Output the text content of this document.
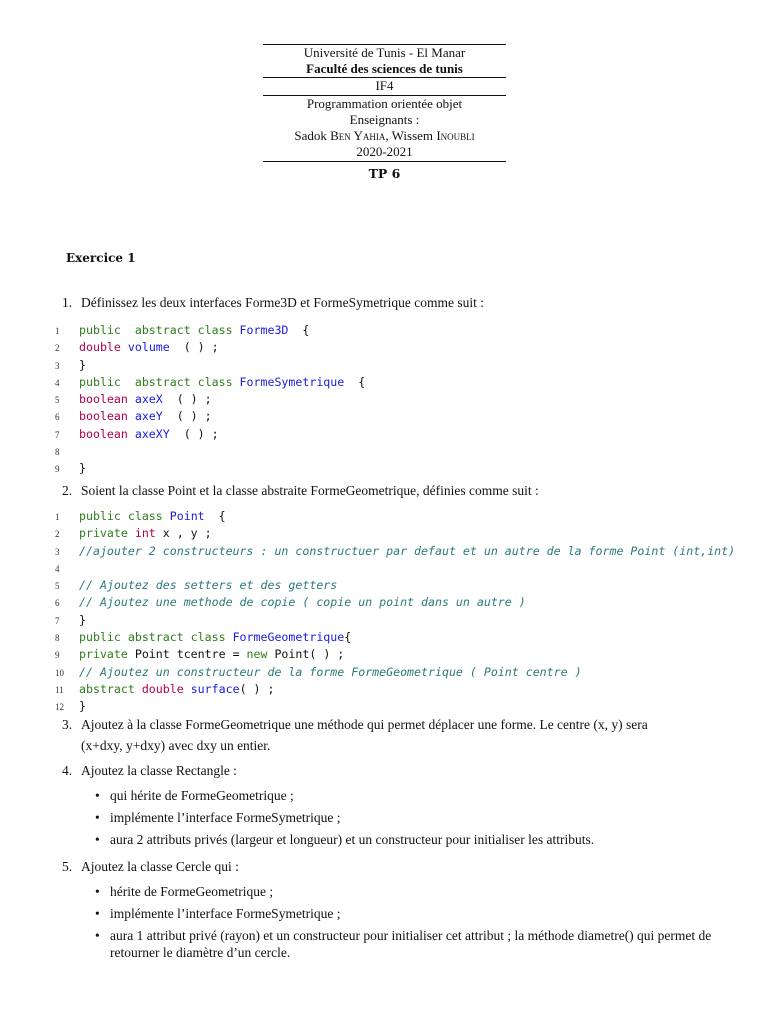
Université de Tunis - El Manar
Faculté des sciences de tunis
IF4
Programmation orientée objet
Enseignants :
Sadok Ben Yahia, Wissem Inoubli
2020-2021
TP 6
Exercice 1
1. Définissez les deux interfaces Forme3D et FormeSymetrique comme suit :
1 public  abstract class Forme3D  {
2 double volume  ( ) ;
3 }
4 public  abstract class FormeSymetrique  {
5 boolean axeX  ( ) ;
6 boolean axeY  ( ) ;
7 boolean axeXY  ( ) ;
8
9 }
2. Soient la classe Point et la classe abstraite FormeGeometrique, définies comme suit :
1 public class Point  {
2 private int x , y ;
3 //ajouter 2 constructeurs : un constructuer par defaut et un autre de la forme Point (int,int)
4
5 // Ajoutez des setters et des getters
6 // Ajoutez une methode de copie ( copie un point dans un autre )
7 }
8 public abstract class FormeGeometrique{
9 private Point tcentre = new Point( ) ;
10 // Ajoutez un constructeur de la forme FormeGeometrique ( Point centre )
11 abstract double surface( ) ;
12 }
3. Ajoutez à la classe FormeGeometrique une méthode qui permet déplacer une forme. Le centre (x, y) sera
(x+dxy, y+dxy) avec dxy un entier.
4. Ajoutez la classe Rectangle :
• qui hérite de FormeGeometrique ;
• implémente l’interface FormeSymetrique ;
• aura 2 attributs privés (largeur et longueur) et un constructeur pour initialiser les attributs.
5. Ajoutez la classe Cercle qui :
• hérite de FormeGeometrique ;
• implémente l’interface FormeSymetrique ;
• aura 1 attribut privé (rayon) et un constructeur pour initialiser cet attribut ; la méthode diametre() qui permet de retourner le diamètre d’un cercle.
